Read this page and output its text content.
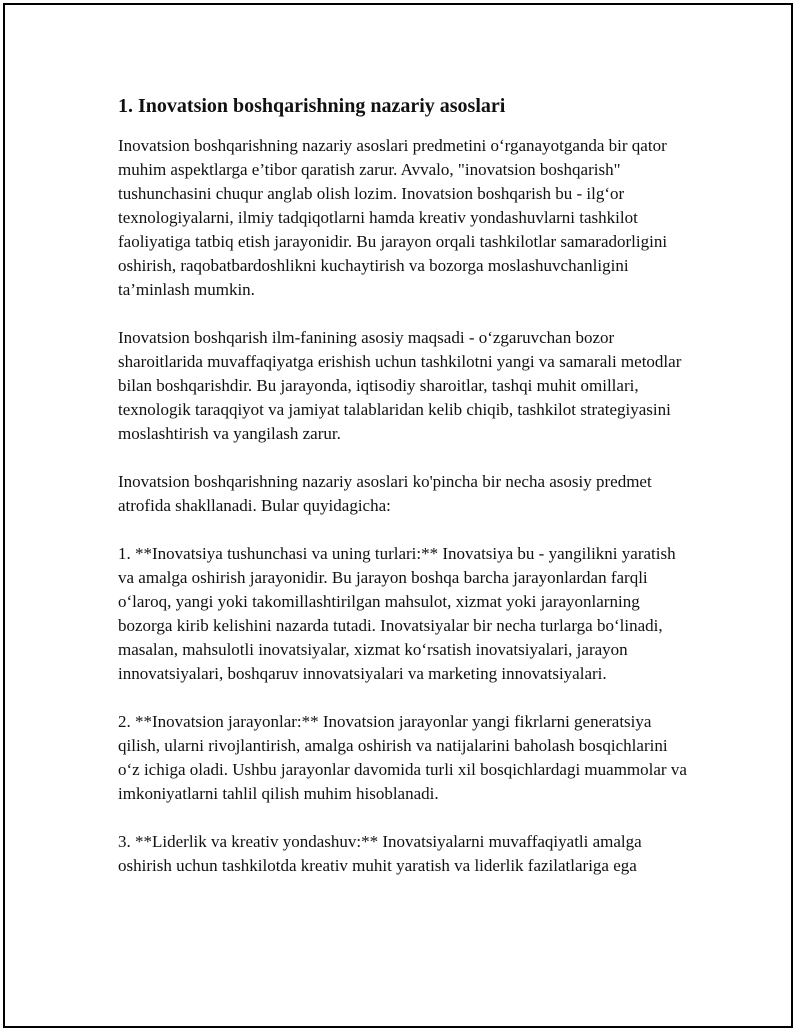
1. Inovatsion boshqarishning nazariy asoslari

Inovatsion boshqarishning nazariy asoslari predmetini o‘rganayotganda bir qator muhim aspektlarga e’tibor qaratish zarur. Avvalo, "inovatsion boshqarish" tushunchasini chuqur anglab olish lozim. Inovatsion boshqarish bu - ilg‘or texnologiyalarni, ilmiy tadqiqotlarni hamda kreativ yondashuvlarni tashkilot faoliyatiga tatbiq etish jarayonidir. Bu jarayon orqali tashkilotlar samaradorligini oshirish, raqobatbardoshlikni kuchaytirish va bozorga moslashuvchanligini ta’minlash mumkin.

Inovatsion boshqarish ilm-fanining asosiy maqsadi - o‘zgaruvchan bozor sharoitlarida muvaffaqiyatga erishish uchun tashkilotni yangi va samarali metodlar bilan boshqarishdir. Bu jarayonda, iqtisodiy sharoitlar, tashqi muhit omillari, texnologik taraqqiyot va jamiyat talablaridan kelib chiqib, tashkilot strategiyasini moslashtirish va yangilash zarur.

Inovatsion boshqarishning nazariy asoslari ko'pincha bir necha asosiy predmet atrofida shakllanadi. Bular quyidagicha:

1. **Inovatsiya tushunchasi va uning turlari:** Inovatsiya bu - yangilikni yaratish va amalga oshirish jarayonidir. Bu jarayon boshqa barcha jarayonlardan farqli o‘laroq, yangi yoki takomillashtirilgan mahsulot, xizmat yoki jarayonlarning bozorga kirib kelishini nazarda tutadi. Inovatsiyalar bir necha turlarga bo‘linadi, masalan, mahsulotli inovatsiyalar, xizmat ko‘rsatish inovatsiyalari, jarayon innovatsiyalari, boshqaruv innovatsiyalari va marketing innovatsiyalari.

2. **Inovatsion jarayonlar:** Inovatsion jarayonlar yangi fikrlarni generatsiya qilish, ularni rivojlantirish, amalga oshirish va natijalarini baholash bosqichlarini o‘z ichiga oladi. Ushbu jarayonlar davomida turli xil bosqichlardagi muammolar va imkoniyatlarni tahlil qilish muhim hisoblanadi.

3. **Liderlik va kreativ yondashuv:** Inovatsiyalarni muvaffaqiyatli amalga oshirish uchun tashkilotda kreativ muhit yaratish va liderlik fazilatlariga ega
